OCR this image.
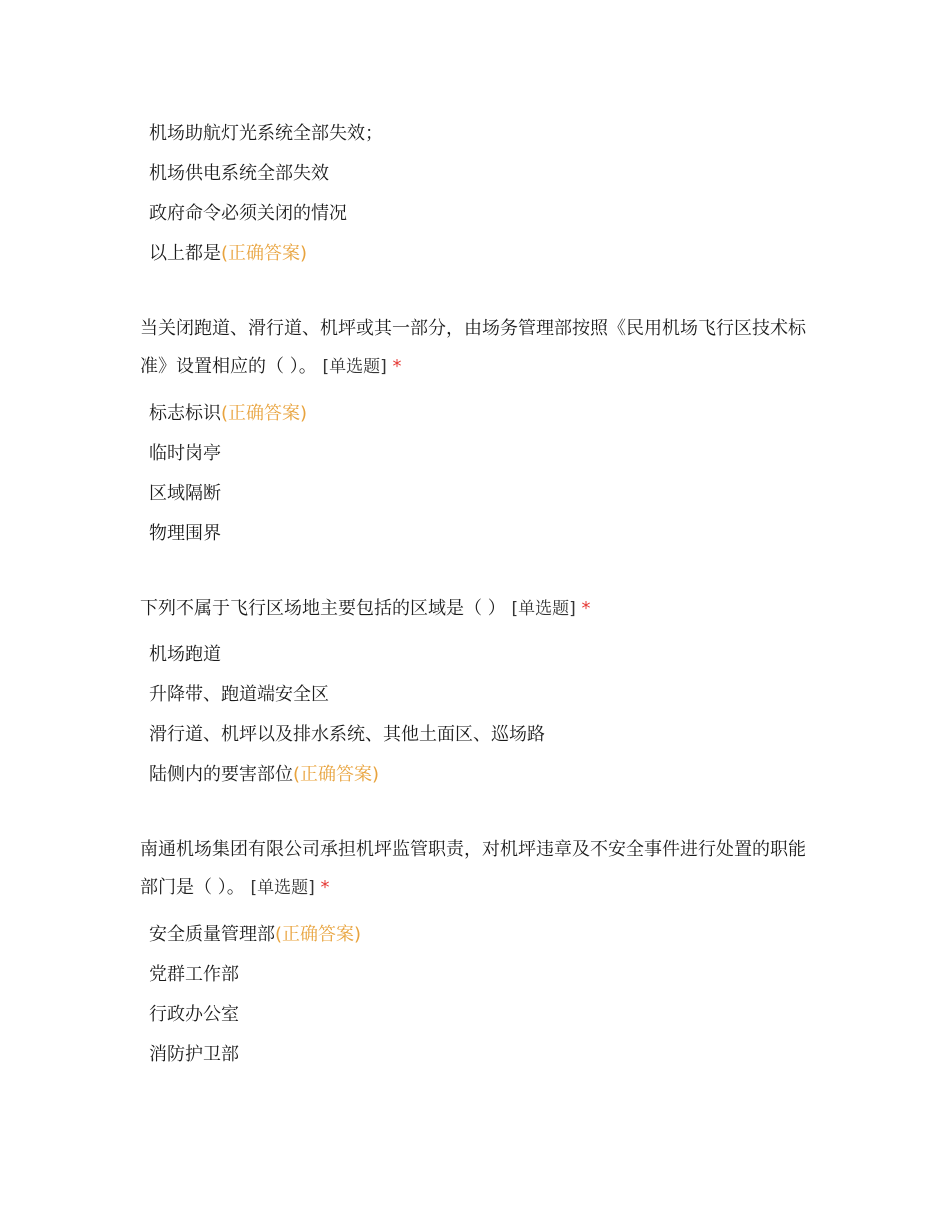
机场助航灯光系统全部失效；
机场供电系统全部失效
政府命令必须关闭的情况
以上都是(正确答案)
当关闭跑道、滑行道、机坪或其一部分，由场务管理部按照《民用机场飞行区技术标准》设置相应的（ ）。 [单选题] *
标志标识(正确答案)
临时岗亭
区域隔断
物理围界
下列不属于飞行区场地主要包括的区域是（ ） [单选题] *
机场跑道
升降带、跑道端安全区
滑行道、机坪以及排水系统、其他土面区、巡场路
陆侧内的要害部位(正确答案)
南通机场集团有限公司承担机坪监管职责，对机坪违章及不安全事件进行处置的职能部门是（ ）。 [单选题] *
安全质量管理部(正确答案)
党群工作部
行政办公室
消防护卫部
